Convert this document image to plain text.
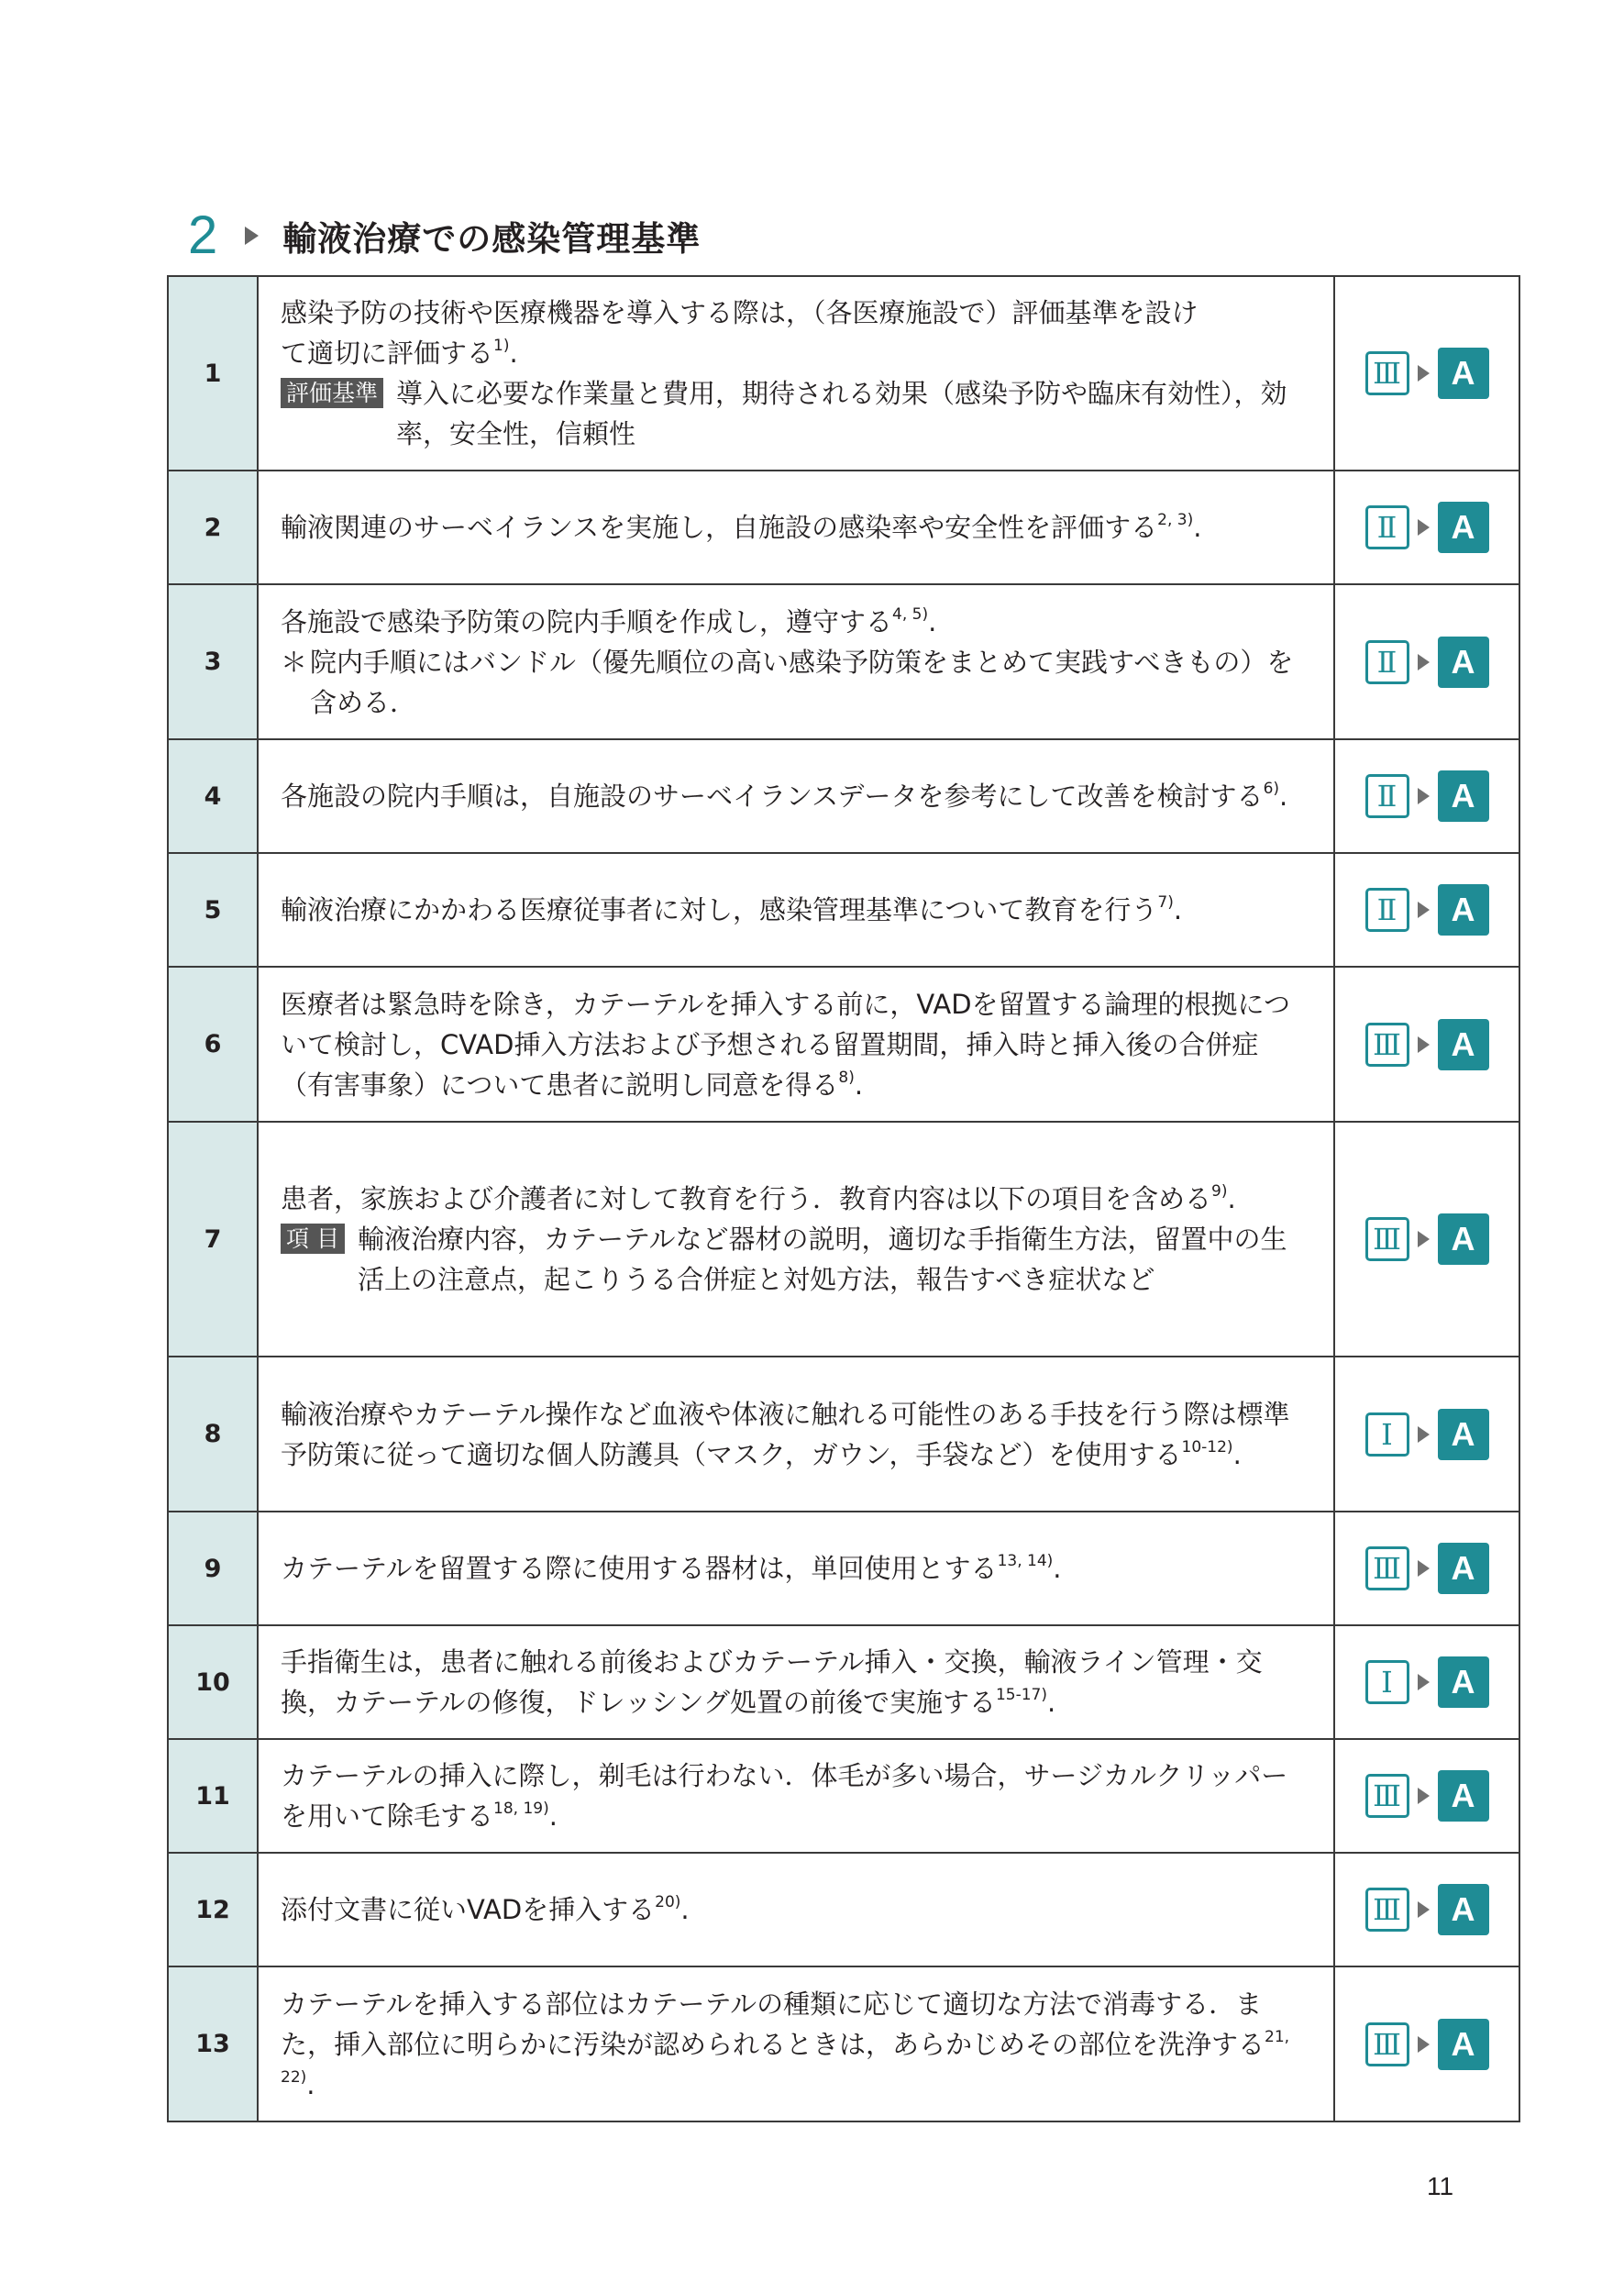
2 輸液治療での感染管理基準
1	感染予防の技術や医療機器を導入する際は，（各医療施設で）評価基準を設け
て適切に評価する$^{1)}$.
評価基準 導入に必要な作業量と費用，期待される効果（感染予防や臨床有効性），効率，安全性，信頼性	Ⅲ A

2	輸液関連のサーベイランスを実施し，自施設の感染率や安全性を評価する$^{2, 3)}$.	Ⅱ A

3	各施設で感染予防策の院内手順を作成し，遵守する$^{4, 5)}$.
＊ 院内手順にはバンドル（優先順位の高い感染予防策をまとめて実践すべきもの）を含める．	Ⅱ A

4	各施設の院内手順は，自施設のサーベイランスデータを参考にして改善を検討する$^{6)}$.	Ⅱ A

5	輸液治療にかかわる医療従事者に対し，感染管理基準について教育を行う$^{7)}$.	Ⅱ A

6	医療者は緊急時を除き，カテーテルを挿入する前に，VADを留置する論理的根拠について検討し，CVAD挿入方法および予想される留置期間，挿入時と挿入後の合併症（有害事象）について患者に説明し同意を得る$^{8)}$.	Ⅲ A

7	患者，家族および介護者に対して教育を行う．教育内容は以下の項目を含める$^{9)}$.
項 目 輸液治療内容，カテーテルなど器材の説明，適切な手指衛生方法，留置中の生活上の注意点，起こりうる合併症と対処方法，報告すべき症状など	Ⅲ A

8	輸液治療やカテーテル操作など血液や体液に触れる可能性のある手技を行う際は標準予防策に従って適切な個人防護具（マスク，ガウン，手袋など）を使用する$^{10-12)}$.	Ⅰ A

9	カテーテルを留置する際に使用する器材は，単回使用とする$^{13, 14)}$.	Ⅲ A

10	手指衛生は，患者に触れる前後およびカテーテル挿入・交換，輸液ライン管理・交換，カテーテルの修復，ドレッシング処置の前後で実施する$^{15-17)}$.	Ⅰ A

11	カテーテルの挿入に際し，剃毛は行わない．体毛が多い場合，サージカルクリッパーを用いて除毛する$^{18, 19)}$.	Ⅲ A

12	添付文書に従いVADを挿入する$^{20)}$.	Ⅲ A

13	カテーテルを挿入する部位はカテーテルの種類に応じて適切な方法で消毒する．また，挿入部位に明らかに汚染が認められるときは，あらかじめその部位を洗浄する$^{21, 22)}$.	Ⅲ A
11
